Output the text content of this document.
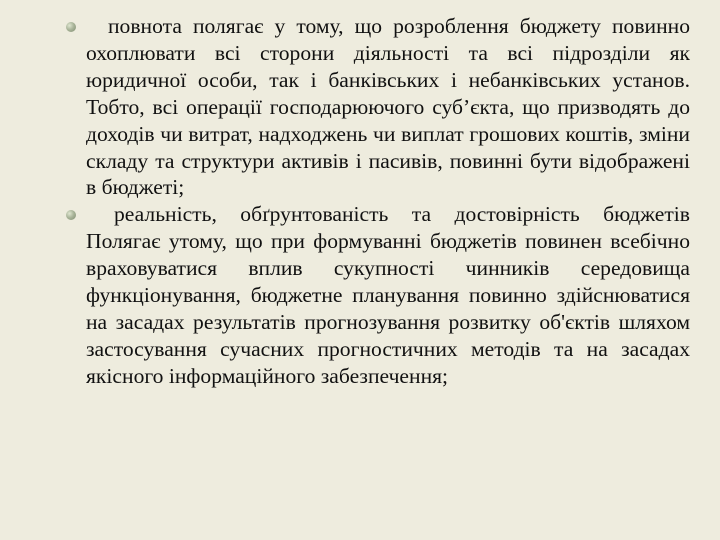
повнота полягає у тому, що розроблення бюджету повинно охоплювати всі сторони діяльності та всі підрозділи як юридичної особи, так і банківських і небанківських установ. Тобто, всі операції господарюючого суб’єкта, що призводять до доходів чи витрат, надходжень чи виплат грошових коштів, зміни складу та структури активів і пасивів, повинні бути відображені в бюджеті;

реальність, обґрунтованість та достовірність бюджетів Полягає утому, що при формуванні бюджетів повинен всебічно враховуватися вплив сукупності чинників середовища функціонування, бюджетне планування повинно здійснюватися на засадах результатів прогнозування розвитку об'єктів шляхом застосування сучасних прогностичних методів та на засадах якісного інформаційного забезпечення;
